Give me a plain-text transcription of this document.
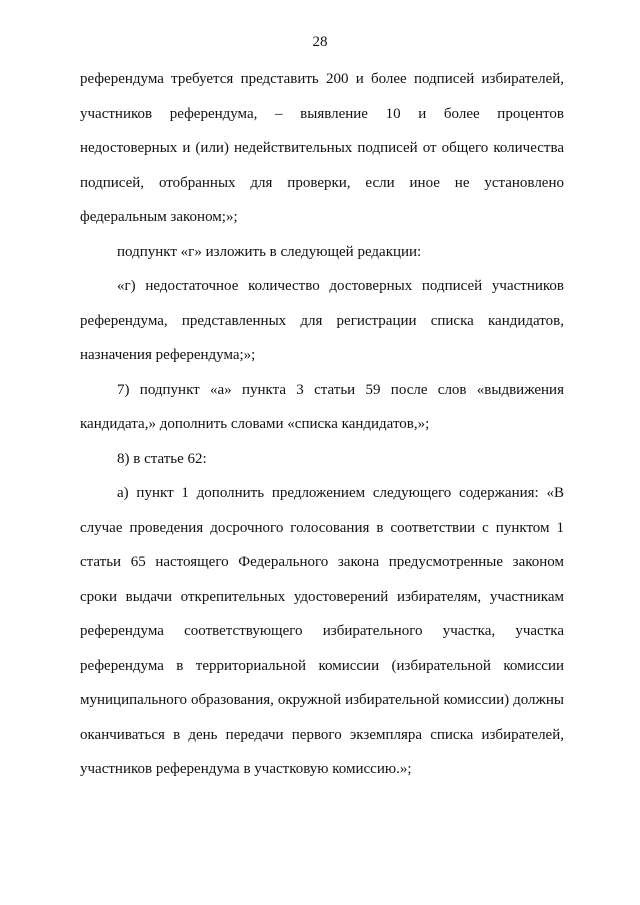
28
референдума требуется представить 200 и более подписей избирателей,
участников референдума, – выявление 10 и более процентов
недостоверных и (или) недействительных подписей от общего количества
подписей, отобранных для проверки, если иное не установлено
федеральным законом;»;
подпункт «г» изложить в следующей редакции:
«г) недостаточное количество достоверных подписей участников
референдума, представленных для регистрации списка кандидатов,
назначения референдума;»;
7) подпункт «а» пункта 3 статьи 59 после слов «выдвижения
кандидата,» дополнить словами «списка кандидатов,»;
8) в статье 62:
а) пункт 1 дополнить предложением следующего содержания: «В
случае проведения досрочного голосования в соответствии с пунктом 1
статьи 65 настоящего Федерального закона предусмотренные законом
сроки выдачи открепительных удостоверений избирателям, участникам
референдума соответствующего избирательного участка, участка
референдума в территориальной комиссии (избирательной комиссии
муниципального образования, окружной избирательной комиссии) должны
оканчиваться в день передачи первого экземпляра списка избирателей,
участников референдума в участковую комиссию.»;
